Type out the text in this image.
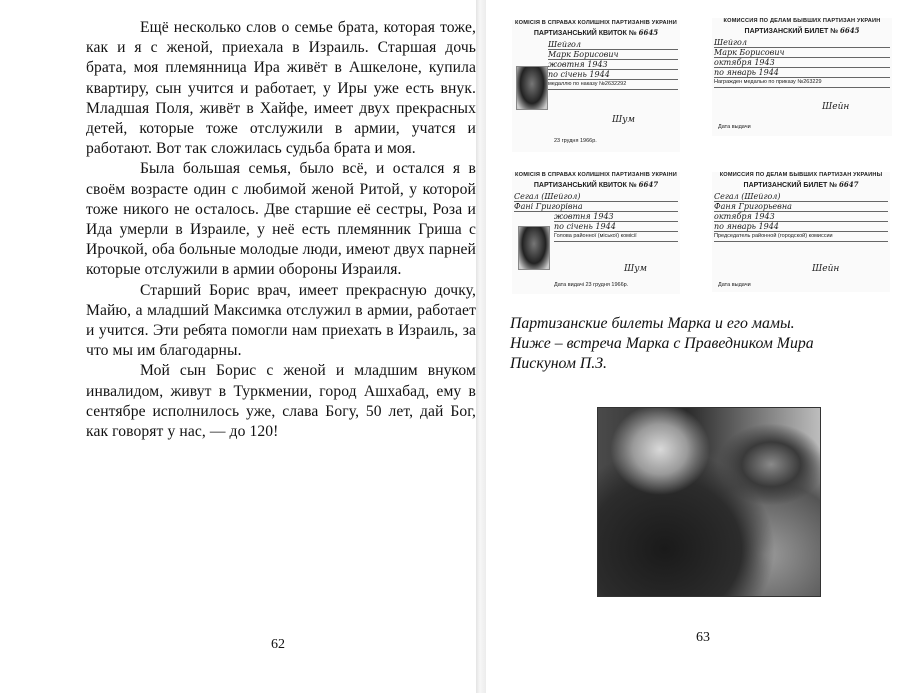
Ещё несколько слов о семье брата, которая тоже, как и я с женой, приехала в Израиль. Старшая дочь брата, моя племянница Ира живёт в Ашкелоне, купила квартиру, сын учится и работает, у Иры уже есть внук. Младшая Поля, живёт в Хайфе, имеет двух прекрасных детей, которые тоже отслужили в армии, учатся и работают. Вот так сложилась судьба брата и моя.

Была большая семья, было всё, и остался я в своём возрасте один с любимой женой Ритой, у которой тоже никого не осталось. Две старшие её сестры, Роза и Ида умерли в Израиле, у неё есть племянник Гриша с Ирочкой, оба больные молодые люди, имеют двух парней которые отслужили в армии обороны Израиля.

Старший Борис врач, имеет прекрасную дочку, Майю, а младший Максимка отслужил в армии, работает и учится. Эти ребята помогли нам приехать в Израиль, за что мы им благодарны.

Мой сын Борис с женой и младшим внуком инвалидом, живут в Туркмении, город Ашхабад, ему в сентябре исполнилось уже, слава Богу, 50 лет, дай Бог, как говорят у нас, — до 120!

62
КОМІСІЯ В СПРАВАХ КОЛИШНІХ ПАРТИЗАНІВ УКРАЇНИ
ПАРТИЗАНСЬКИЙ КВИТОК № 6645
Шейгол
Марк Борисович
жовтня 1943
по січень 1944
медаллю по наказу №2632292
Шум
23 грудня 1966р.
КОМИССИЯ ПО ДЕЛАМ БЫВШИХ ПАРТИЗАН УКРАИН
ПАРТИЗАНСКИЙ БИЛЕТ № 6645
Шейгол
Марк Борисович
октября 1943
по январь 1944
Награжден медалью по приказу №263229
Шейн
Дата выдачи
КОМІСІЯ В СПРАВАХ КОЛИШНІХ ПАРТИЗАНІВ УКРАЇНИ
ПАРТИЗАНСЬКИЙ КВИТОК № 6647
Сегал (Шейгол)
Фані Григорівна
жовтня 1943
по січень 1944
Голова районної (міської) комісії
Шум
Дата видачі 23 грудня 1966р.
КОМИССИЯ ПО ДЕЛАМ БЫВШИХ ПАРТИЗАН УКРАИНЫ
ПАРТИЗАНСКИЙ БИЛЕТ № 6647
Сегал (Шейгол)
Фаня Григорьевна
октября 1943
по январь 1944
Председатель районной (городской) комиссии
Шейн
Дата выдачи
Партизанские билеты Марка и его мамы.
Ниже – встреча Марка с Праведником Мира
Пискуном П.З.
63
